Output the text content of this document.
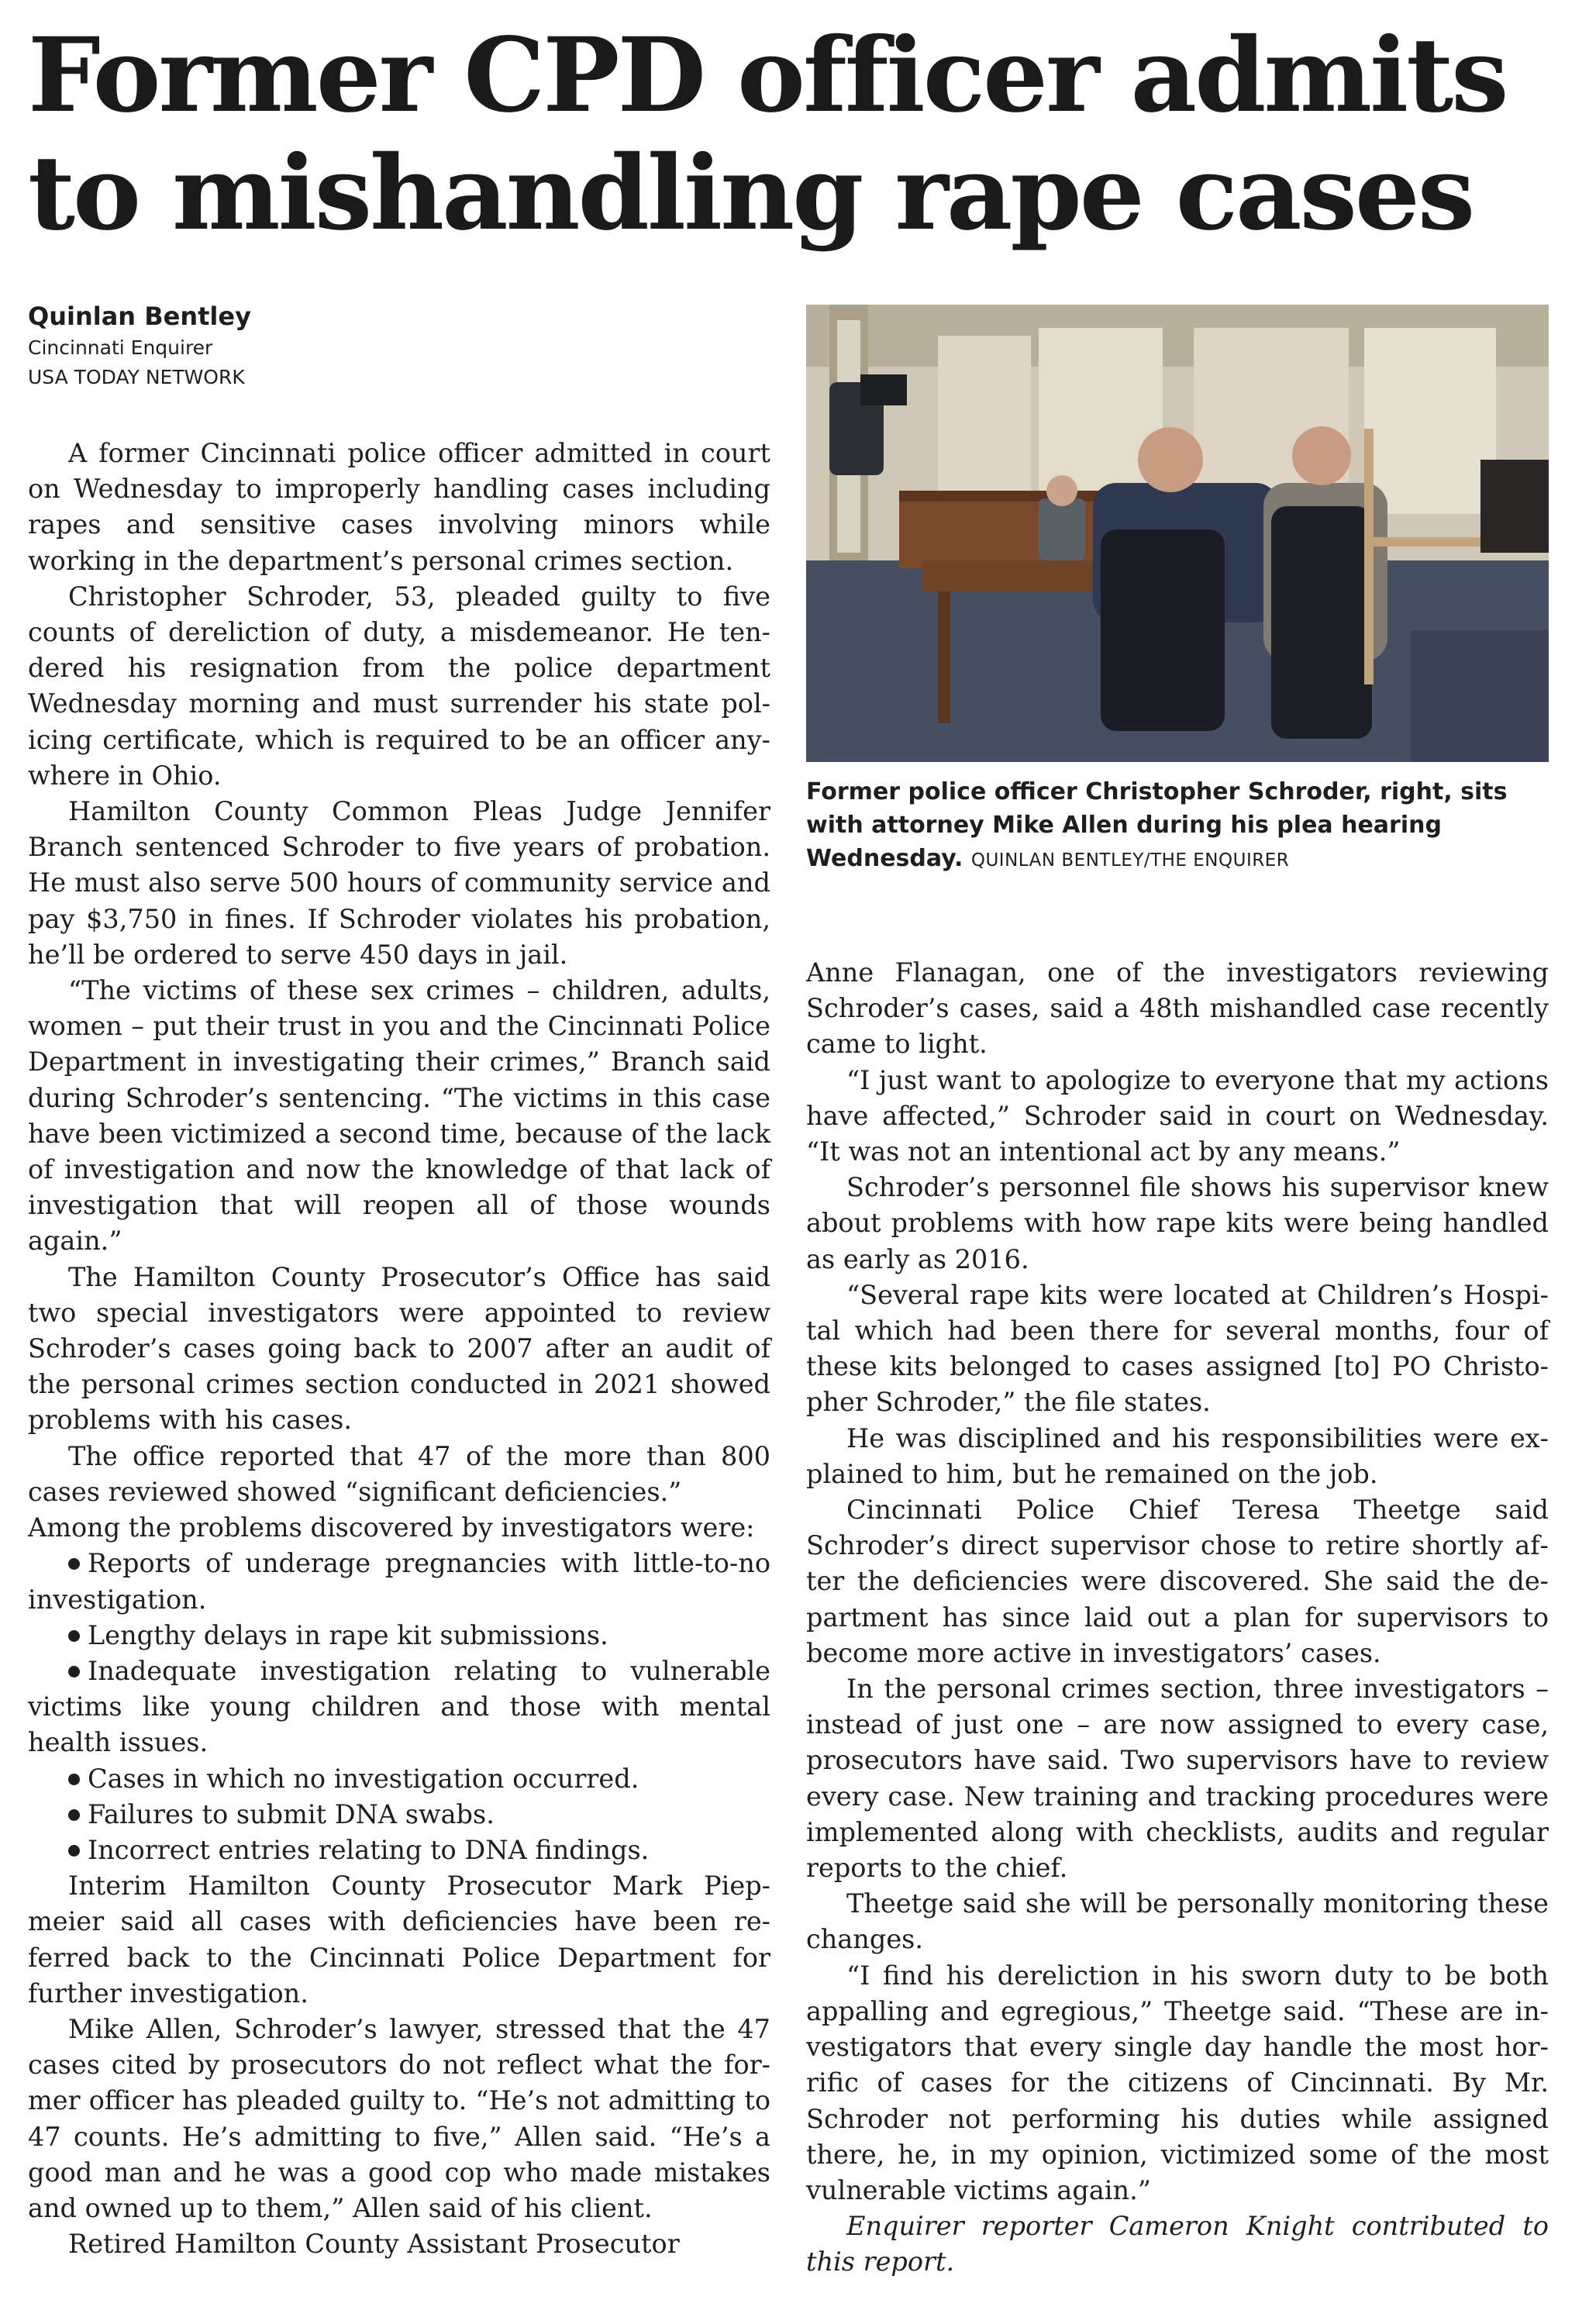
Former CPD officer admits
to mishandling rape cases
Quinlan Bentley
Cincinnati Enquirer
USA TODAY NETWORK

A former Cincinnati police officer admitted in court on Wednesday to improperly handling cases including rapes and sensitive cases involving minors while working in the department’s personal crimes section.

Christopher Schroder, 53, pleaded guilty to five counts of dereliction of duty, a misdemeanor. He tendered his resignation from the police department Wednesday morning and must surrender his state policing certificate, which is required to be an officer anywhere in Ohio.

Hamilton County Common Pleas Judge Jennifer Branch sentenced Schroder to five years of probation. He must also serve 500 hours of community service and pay $3,750 in fines. If Schroder violates his probation, he’ll be ordered to serve 450 days in jail.

“The victims of these sex crimes – children, adults, women – put their trust in you and the Cincinnati Police Department in investigating their crimes,” Branch said during Schroder’s sentencing. “The victims in this case have been victimized a second time, because of the lack of investigation and now the knowledge of that lack of investigation that will reopen all of those wounds again.”

The Hamilton County Prosecutor’s Office has said two special investigators were appointed to review Schroder’s cases going back to 2007 after an audit of the personal crimes section conducted in 2021 showed problems with his cases.

The office reported that 47 of the more than 800 cases reviewed showed “significant deficiencies.”

Among the problems discovered by investigators were:

Reports of underage pregnancies with little-to-no investigation.

Lengthy delays in rape kit submissions.

Inadequate investigation relating to vulnerable victims like young children and those with mental health issues.

Cases in which no investigation occurred.

Failures to submit DNA swabs.

Incorrect entries relating to DNA findings.

Interim Hamilton County Prosecutor Mark Piepmeier said all cases with deficiencies have been referred back to the Cincinnati Police Department for further investigation.

Mike Allen, Schroder’s lawyer, stressed that the 47 cases cited by prosecutors do not reflect what the former officer has pleaded guilty to. “He’s not admitting to 47 counts. He’s admitting to five,” Allen said. “He’s a good man and he was a good cop who made mistakes and owned up to them,” Allen said of his client.

Retired Hamilton County Assistant Prosecutor

Former police officer Christopher Schroder, right, sits with attorney Mike Allen during his plea hearing Wednesday. QUINLAN BENTLEY/THE ENQUIRER

Anne Flanagan, one of the investigators reviewing Schroder’s cases, said a 48th mishandled case recently came to light.

“I just want to apologize to everyone that my actions have affected,” Schroder said in court on Wednesday. “It was not an intentional act by any means.”

Schroder’s personnel file shows his supervisor knew about problems with how rape kits were being handled as early as 2016.

“Several rape kits were located at Children’s Hospital which had been there for several months, four of these kits belonged to cases assigned [to] PO Christopher Schroder,” the file states.

He was disciplined and his responsibilities were explained to him, but he remained on the job.

Cincinnati Police Chief Teresa Theetge said Schroder’s direct supervisor chose to retire shortly after the deficiencies were discovered. She said the department has since laid out a plan for supervisors to become more active in investigators’ cases.

In the personal crimes section, three investigators – instead of just one – are now assigned to every case, prosecutors have said. Two supervisors have to review every case. New training and tracking procedures were implemented along with checklists, audits and regular reports to the chief.

Theetge said she will be personally monitoring these changes.

“I find his dereliction in his sworn duty to be both appalling and egregious,” Theetge said. “These are investigators that every single day handle the most horrific of cases for the citizens of Cincinnati. By Mr. Schroder not performing his duties while assigned there, he, in my opinion, victimized some of the most vulnerable victims again.”

Enquirer reporter Cameron Knight contributed to this report.
